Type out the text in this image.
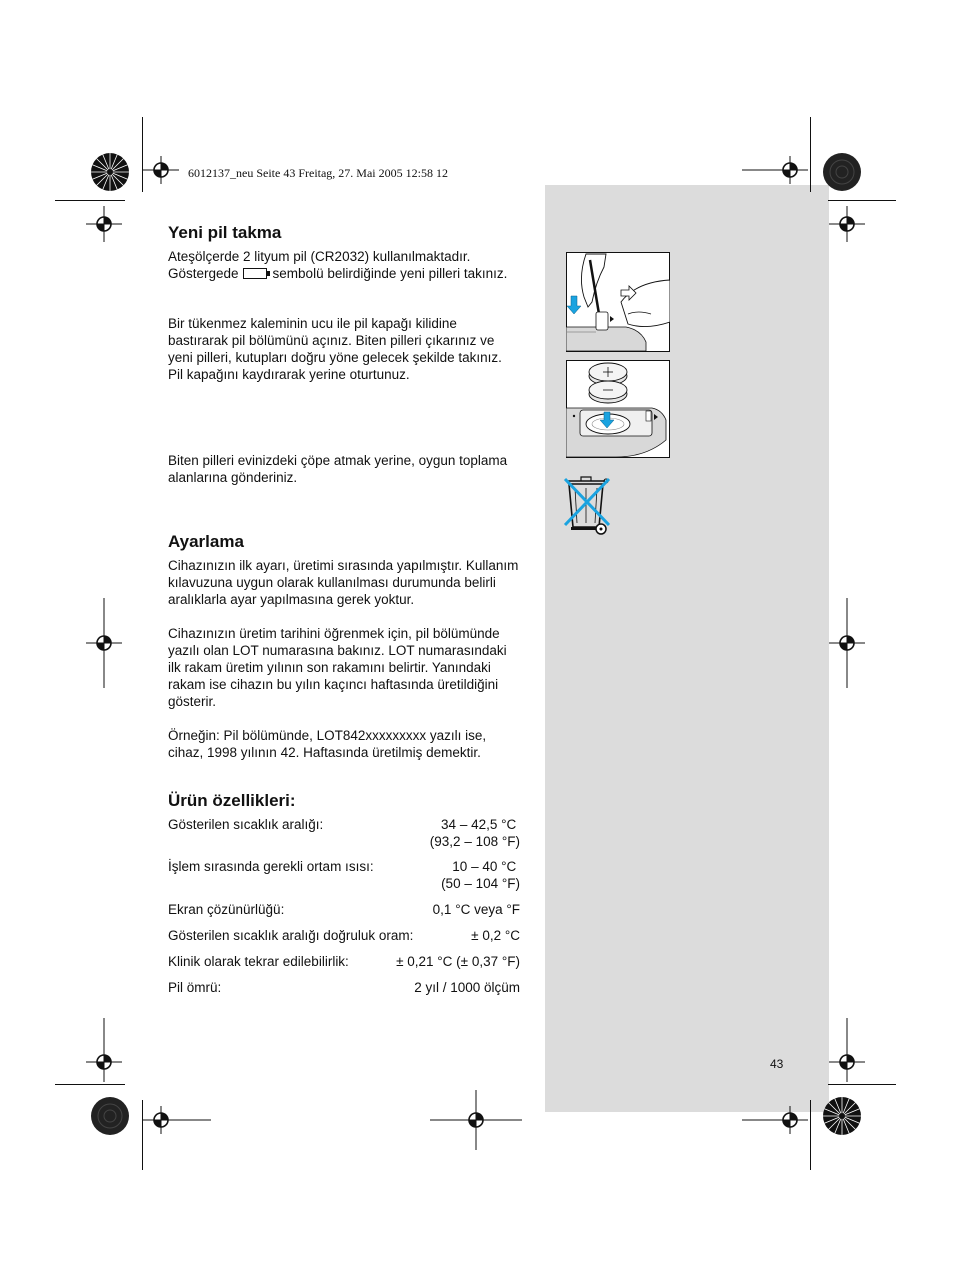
6012137_neu Seite 43 Freitag, 27. Mai 2005 12:58 12
Yeni pil takma

Ateşölçerde 2 lityum pil (CR2032) kullanılmaktadır. Göstergede	sembolü belirdiğinde yeni pilleri takınız.

Bir tükenmez kaleminin ucu ile pil kapağı kilidine bastırarak pil bölümünü açınız. Biten pilleri çıkarınız ve yeni pilleri, kutupları doğru yöne gelecek şekilde takınız. Pil kapağını kaydırarak yerine oturtunuz.

Biten pilleri evinizdeki çöpe atmak yerine, oygun toplama alanlarına gönderiniz.

Ayarlama

Cihazınızın ilk ayarı, üretimi sırasında yapılmıştır. Kullanım kılavuzuna uygun olarak kullanılması durumunda belirli aralıklarla ayar yapılmasına gerek yoktur.

Cihazınızın üretim tarihini öğrenmek için, pil bölümünde yazılı olan LOT numarasına bakınız. LOT numarasındaki ilk rakam üretim yılının son rakamını belirtir. Yanındaki rakam ise cihazın bu yılın kaçıncı haftasında üretildiğini gösterir.

Örneğin: Pil bölümünde, LOT842xxxxxxxxx yazılı ise, cihaz, 1998 yılının 42. Haftasında üretilmiş demektir.

Ürün özellikleri:
Gösterilen sıcaklık aralığı:	34 – 42,5 °C
(93,2 – 108 °F)
İşlem sırasında gerekli ortam ısısı:	10 – 40 °C
(50 – 104 °F)
Ekran çözünürlüğü:	0,1 °C veya °F
Gösterilen sıcaklık aralığı doğruluk oram:	± 0,2 °C
Klinik olarak tekrar edilebilirlik:	± 0,21 °C (± 0,37 °F)
Pil ömrü:	2 yıl / 1000 ölçüm
43
